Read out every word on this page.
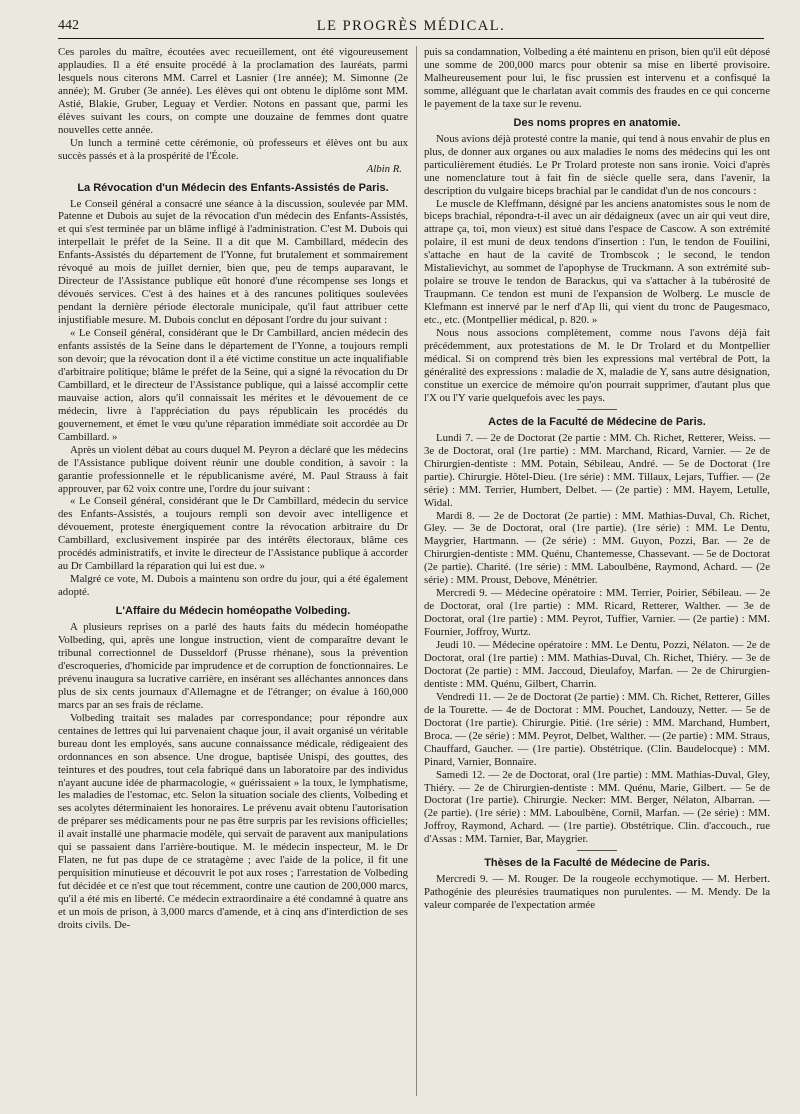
442	LE PROGRÈS MÉDICAL.

Ces paroles du maître, écoutées avec recueillement, ont été vigoureusement applaudies. Il a été ensuite procédé à la proclamation des lauréats, parmi lesquels nous citerons MM. Carrel et Lasnier (1re année); M. Simonne (2e année); M. Gruber (3e année). Les élèves qui ont obtenu le diplôme sont MM. Astié, Blakie, Gruber, Leguay et Verdier. Notons en passant que, parmi les élèves suivant les cours, on compte une douzaine de femmes dont quatre nouvelles cette année.

Un lunch a terminé cette cérémonie, où professeurs et élèves ont bu aux succès passés et à la prospérité de l'École.

Albin R.

La Révocation d'un Médecin des Enfants-Assistés de Paris.

Le Conseil général a consacré une séance à la discussion, soulevée par MM. Patenne et Dubois au sujet de la révocation d'un médecin des Enfants-Assistés, et qui s'est terminée par un blâme infligé à l'administration. C'est M. Dubois qui interpellait le préfet de la Seine. Il a dit que M. Cambillard, médecin des Enfants-Assistés du département de l'Yonne, fut brutalement et sommairement révoqué au mois de juillet dernier, bien que, peu de temps auparavant, le Directeur de l'Assistance publique eût honoré d'une récompense ses longs et dévoués services. C'est à des haines et à des rancunes politiques soulevées pendant la dernière période électorale municipale, qu'il faut attribuer cette injustifiable mesure. M. Dubois conclut en déposant l'ordre du jour suivant :

« Le Conseil général, considérant que le Dr Cambillard, ancien médecin des enfants assistés de la Seine dans le département de l'Yonne, a toujours rempli son devoir; que la révocation dont il a été victime constitue un acte inqualifiable d'arbitraire politique; blâme le préfet de la Seine, qui a signé la révocation du Dr Cambillard, et le directeur de l'Assistance publique, qui a laissé accomplir cette mauvaise action, alors qu'il connaissait les mérites et le dévouement de ce médecin, livre à l'appréciation du pays républicain les procédés du gouvernement, et émet le vœu qu'une réparation immédiate soit accordée au Dr Cambillard. »

Après un violent débat au cours duquel M. Peyron a déclaré que les médecins de l'Assistance publique doivent réunir une double condition, à savoir : la garantie professionnelle et le républicanisme avéré, M. Paul Strauss à fait approuver, par 62 voix contre une, l'ordre du jour suivant :

« Le Conseil général, considérant que le Dr Cambillard, médecin du service des Enfants-Assistés, a toujours rempli son devoir avec intelligence et dévouement, proteste énergiquement contre la révocation arbitraire du Dr Cambillard, exclusivement inspirée par des intérêts électoraux, blâme ces procédés administratifs, et invite le directeur de l'Assistance publique à accorder au Dr Cambillard la réparation qui lui est due. »

Malgré ce vote, M. Dubois a maintenu son ordre du jour, qui a été également adopté.

L'Affaire du Médecin homéopathe Volbeding.

A plusieurs reprises on a parlé des hauts faits du médecin homéopathe Volbeding, qui, après une longue instruction, vient de comparaître devant le tribunal correctionnel de Dusseldorf (Prusse rhénane), sous la prévention d'escroqueries, d'homicide par imprudence et de corruption de fonctionnaires. Le prévenu inaugura sa lucrative carrière, en insérant ses alléchantes annonces dans plus de six cents journaux d'Allemagne et de l'étranger; on évalue à 160,000 marcs par an ses frais de réclame.

Volbeding traitait ses malades par correspondance; pour répondre aux centaines de lettres qui lui parvenaient chaque jour, il avait organisé un véritable bureau dont les employés, sans aucune connaissance médicale, rédigeaient des ordonnances en son absence. Une drogue, baptisée Unispi, des gouttes, des teintures et des poudres, tout cela fabriqué dans un laboratoire par des individus n'ayant aucune idée de pharmacologie, « guérissaient » la toux, le lymphatisme, les maladies de l'estomac, etc. Selon la situation sociale des clients, Volbeding et ses acolytes déterminaient les honoraires. Le prévenu avait obtenu l'autorisation de préparer ses médicaments pour ne pas être surpris par les revisions officielles; il avait installé une pharmacie modèle, qui servait de paravent aux manipulations qui se passaient dans l'arrière-boutique. M. le médecin inspecteur, M. le Dr Flaten, ne fut pas dupe de ce stratagème ; avec l'aide de la police, il fit une perquisition minutieuse et découvrit le pot aux roses ; l'arrestation de Volbeding fut décidée et ce n'est que tout récemment, contre une caution de 200,000 marcs, qu'il a été mis en liberté. Ce médecin extraordinaire a été condamné à quatre ans et un mois de prison, à 3,000 marcs d'amende, et à cinq ans d'interdiction de ses droits civils. De-

puis sa condamnation, Volbeding a été maintenu en prison, bien qu'il eût déposé une somme de 200,000 marcs pour obtenir sa mise en liberté provisoire. Malheureusement pour lui, le fisc prussien est intervenu et a confisqué la somme, alléguant que le charlatan avait commis des fraudes en ce qui concerne le payement de la taxe sur le revenu.

Des noms propres en anatomie.

Nous avions déjà protesté contre la manie, qui tend à nous envahir de plus en plus, de donner aux organes ou aux maladies le noms des médecins qui les ont particulièrement étudiés. Le Pr Trolard proteste non sans ironie. Voici d'après une nomenclature tout à fait fin de siècle quelle sera, dans l'avenir, la description du vulgaire biceps brachial par le candidat d'un de nos concours :

Le muscle de Kleffmann, désigné par les anciens anatomistes sous le nom de biceps brachial, répondra-t-il avec un air dédaigneux (avec un air qui veut dire, attrape ça, toi, mon vieux) est situé dans l'espace de Cascow. A son extrémité polaire, il est muni de deux tendons d'insertion : l'un, le tendon de Fouilini, s'attache en haut de la cavité de Trombscok ; le second, le tendon Mistalievichyt, au sommet de l'apophyse de Truckmann. A son extrémité sub-polaire se trouve le tendon de Barackus, qui va s'attacher à la tubérosité de Traupmann. Ce tendon est muni de l'expansion de Wolberg. Le muscle de Klefmann est innervé par le nerf d'Ap lli, qui vient du tronc de Paugesmaco, etc., etc. (Montpellier médical, p. 820. »

Nous nous associons complètement, comme nous l'avons déjà fait précédemment, aux protestations de M. le Dr Trolard et du Montpellier médical. Si on comprend très bien les expressions mal vertébral de Pott, la généralité des expressions : maladie de X, maladie de Y, sans autre désignation, constitue un exercice de mémoire qu'on pourrait supprimer, d'autant plus que l'X ou l'Y varie quelquefois avec les pays.

Actes de la Faculté de Médecine de Paris.

Lundi 7. — 2e de Doctorat (2e partie : MM. Ch. Richet, Retterer, Weiss. — 3e de Doctorat, oral (1re partie) : MM. Marchand, Ricard, Varnier. — 2e de Chirurgien-dentiste : MM. Potain, Sébileau, André. — 5e de Doctorat (1re partie). Chirurgie. Hôtel-Dieu. (1re série) : MM. Tillaux, Lejars, Tuffier. — (2e série) : MM. Terrier, Humbert, Delbet. — (2e partie) : MM. Hayem, Letulle, Widal.

Mardi 8. — 2e de Doctorat (2e partie) : MM. Mathias-Duval, Ch. Richet, Gley. — 3e de Doctorat, oral (1re partie). (1re série) : MM. Le Dentu, Maygrier, Hartmann. — (2e série) : MM. Guyon, Pozzi, Bar. — 2e de Chirurgien-dentiste : MM. Quénu, Chantemesse, Chassevant. — 5e de Doctorat (2e partie). Charité. (1re série) : MM. Laboulbène, Raymond, Achard. — (2e série) : MM. Proust, Debove, Ménétrier.

Mercredi 9. — Médecine opératoire : MM. Terrier, Poirier, Sébileau. — 2e de Doctorat, oral (1re partie) : MM. Ricard, Retterer, Walther. — 3e de Doctorat, oral (1re partie) : MM. Peyrot, Tuffier, Varnier. — (2e partie) : MM. Fournier, Joffroy, Wurtz.

Jeudi 10. — Médecine opératoire : MM. Le Dentu, Pozzi, Nélaton. — 2e de Doctorat, oral (1re partie) : MM. Mathias-Duval, Ch. Richet, Thiéry. — 3e de Doctorat (2e partie) : MM. Jaccoud, Dieulafoy, Marfan. — 2e de Chirurgien-dentiste : MM. Quénu, Gilbert, Charrin.

Vendredi 11. — 2e de Doctorat (2e partie) : MM. Ch. Richet, Retterer, Gilles de la Tourette. — 4e de Doctorat : MM. Pouchet, Landouzy, Netter. — 5e de Doctorat (1re partie). Chirurgie. Pitié. (1re série) : MM. Marchand, Humbert, Broca. — (2e série) : MM. Peyrot, Delbet, Walther. — (2e partie) : MM. Straus, Chauffard, Gaucher. — (1re partie). Obstétrique. (Clin. Baudelocque) : MM. Pinard, Varnier, Bonnaire.

Samedi 12. — 2e de Doctorat, oral (1re partie) : MM. Mathias-Duval, Gley, Thiéry. — 2e de Chirurgien-dentiste : MM. Quénu, Marie, Gilbert. — 5e de Doctorat (1re partie). Chirurgie. Necker: MM. Berger, Nélaton, Albarran. — (2e partie). (1re série) : MM. Laboulbène, Cornil, Marfan. — (2e série) : MM. Joffroy, Raymond, Achard. — (1re partie). Obstétrique. Clin. d'accouch., rue d'Assas : MM. Tarnier, Bar, Maygrier.

Thèses de la Faculté de Médecine de Paris.

Mercredi 9. — M. Rouger. De la rougeole ecchymotique. — M. Herbert. Pathogénie des pleurésies traumatiques non purulentes. — M. Mendy. De la valeur comparée de l'expectation armée
